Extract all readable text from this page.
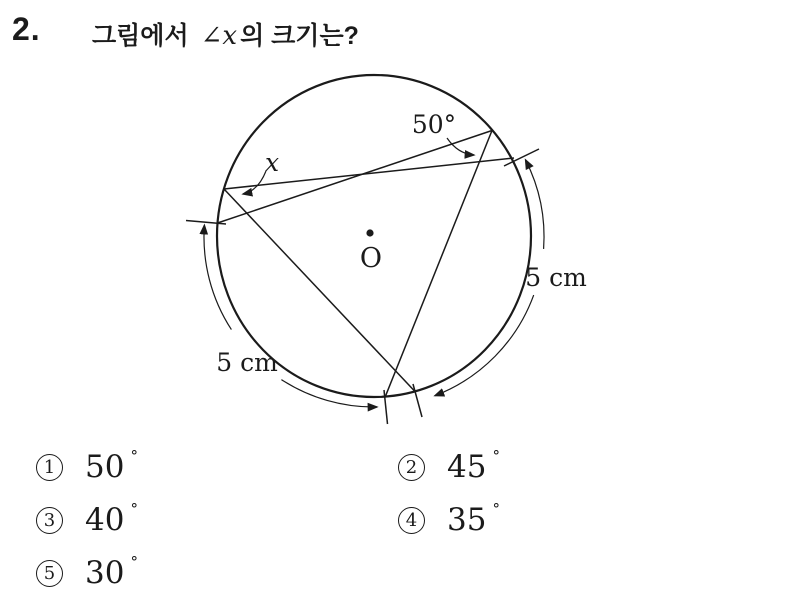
2. 그림에서 ∠x 의 크기는?
O
x
50°
5 cm
5 cm
1 50 °
2 45 °
3 40 °
4 35 °
5 30 °
